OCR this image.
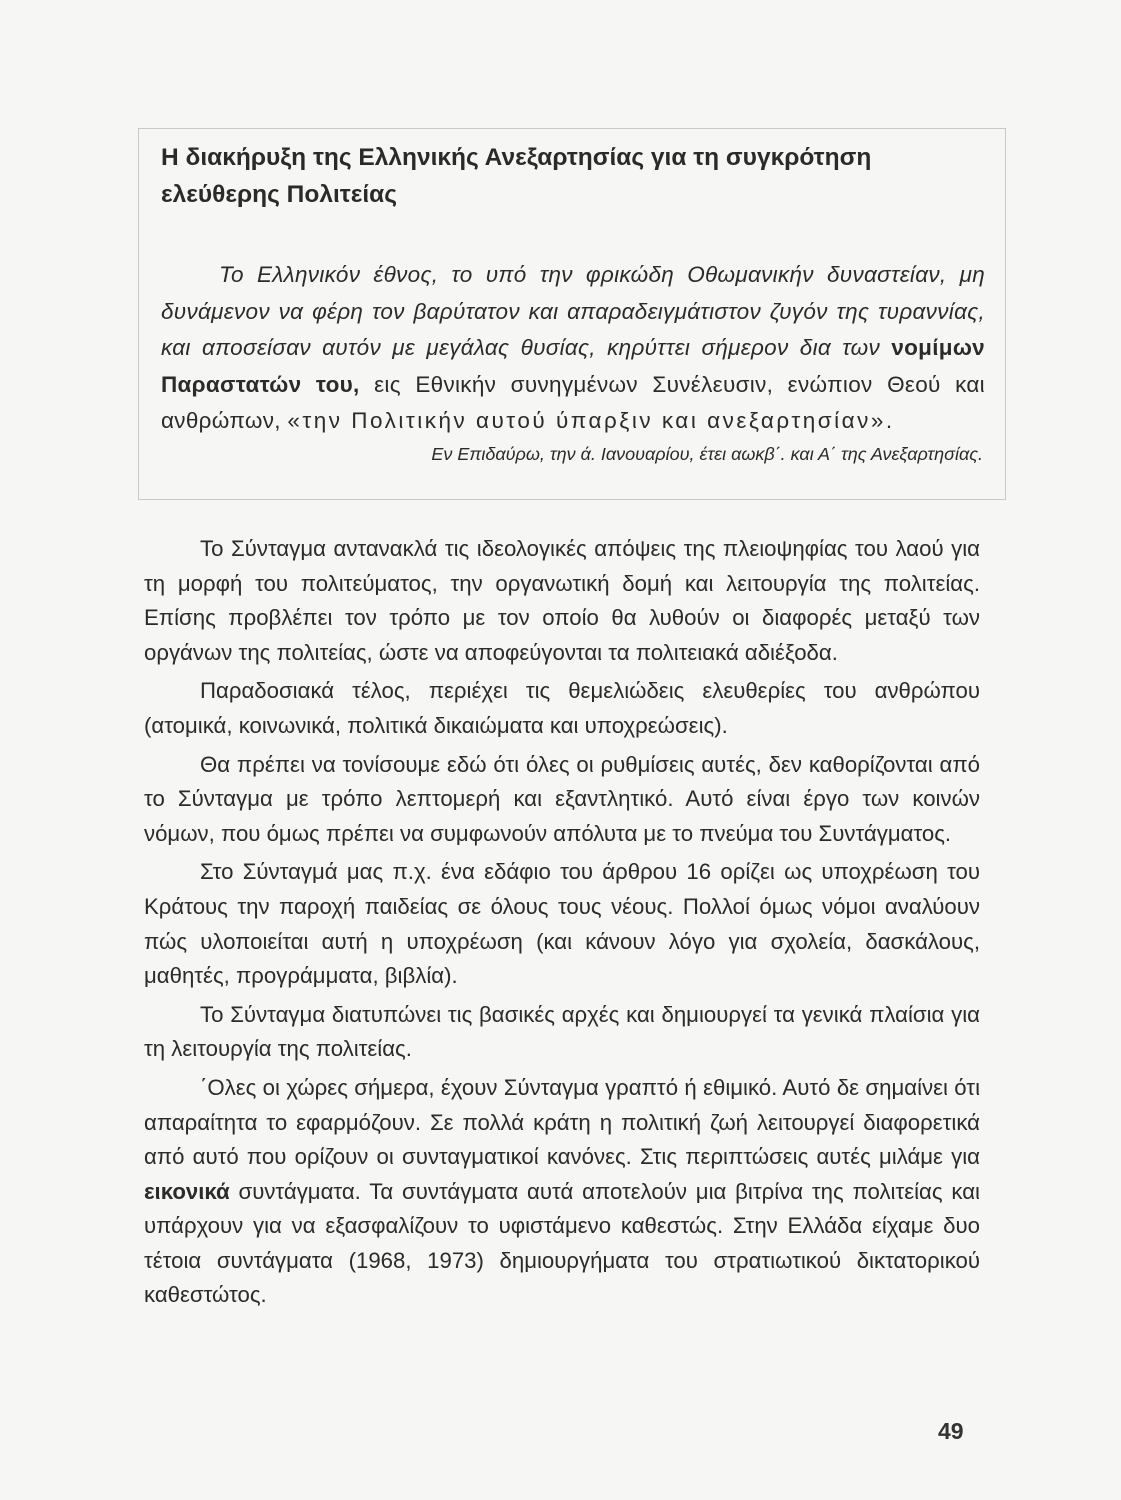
Η διακήρυξη της Ελληνικής Ανεξαρτησίας για τη συγκρότηση ελεύθερης Πολιτείας

Το Ελληνικόν έθνος, το υπό την φρικώδη Οθωμανικήν δυναστείαν, μη δυνάμενον να φέρη τον βαρύτατον και απαραδειγμάτιστον ζυγόν της τυραννίας, και αποσείσαν αυτόν με μεγάλας θυσίας, κηρύττει σήμερον δια των νομίμων Παραστατών του, εις Εθνικήν συνηγμένων Συνέλευσιν, ενώπιον Θεού και ανθρώπων, «την Πολιτικήν αυτού ύπαρξιν και ανεξαρτησίαν».

Εν Επιδαύρω, την ά. Ιανουαρίου, έτει αωκβ΄. και Α΄ της Ανεξαρτησίας.

Το Σύνταγμα αντανακλά τις ιδεολογικές απόψεις της πλειοψηφίας του λαού για τη μορφή του πολιτεύματος, την οργανωτική δομή και λειτουργία της πολιτείας. Επίσης προβλέπει τον τρόπο με τον οποίο θα λυθούν οι διαφορές μεταξύ των οργάνων της πολιτείας, ώστε να αποφεύγονται τα πολιτειακά αδιέξοδα.

Παραδοσιακά τέλος, περιέχει τις θεμελιώδεις ελευθερίες του ανθρώπου (ατομικά, κοινωνικά, πολιτικά δικαιώματα και υποχρεώσεις).

Θα πρέπει να τονίσουμε εδώ ότι όλες οι ρυθμίσεις αυτές, δεν καθορίζονται από το Σύνταγμα με τρόπο λεπτομερή και εξαντλητικό. Αυτό είναι έργο των κοινών νόμων, που όμως πρέπει να συμφωνούν απόλυτα με το πνεύμα του Συντάγματος.

Στο Σύνταγμά μας π.χ. ένα εδάφιο του άρθρου 16 ορίζει ως υποχρέωση του Κράτους την παροχή παιδείας σε όλους τους νέους. Πολλοί όμως νόμοι αναλύουν πώς υλοποιείται αυτή η υποχρέωση (και κάνουν λόγο για σχολεία, δασκάλους, μαθητές, προγράμματα, βιβλία).

Το Σύνταγμα διατυπώνει τις βασικές αρχές και δημιουργεί τα γενικά πλαίσια για τη λειτουργία της πολιτείας.

΄Ολες οι χώρες σήμερα, έχουν Σύνταγμα γραπτό ή εθιμικό. Αυτό δε σημαίνει ότι απαραίτητα το εφαρμόζουν. Σε πολλά κράτη η πολιτική ζωή λειτουργεί διαφορετικά από αυτό που ορίζουν οι συνταγματικοί κανόνες. Στις περιπτώσεις αυτές μιλάμε για εικονικά συντάγματα. Τα συντάγματα αυτά αποτελούν μια βιτρίνα της πολιτείας και υπάρχουν για να εξασφαλίζουν το υφιστάμενο καθεστώς. Στην Ελλάδα είχαμε δυο τέτοια συντάγματα (1968, 1973) δημιουργήματα του στρατιωτικού δικτατορικού καθεστώτος.

49
